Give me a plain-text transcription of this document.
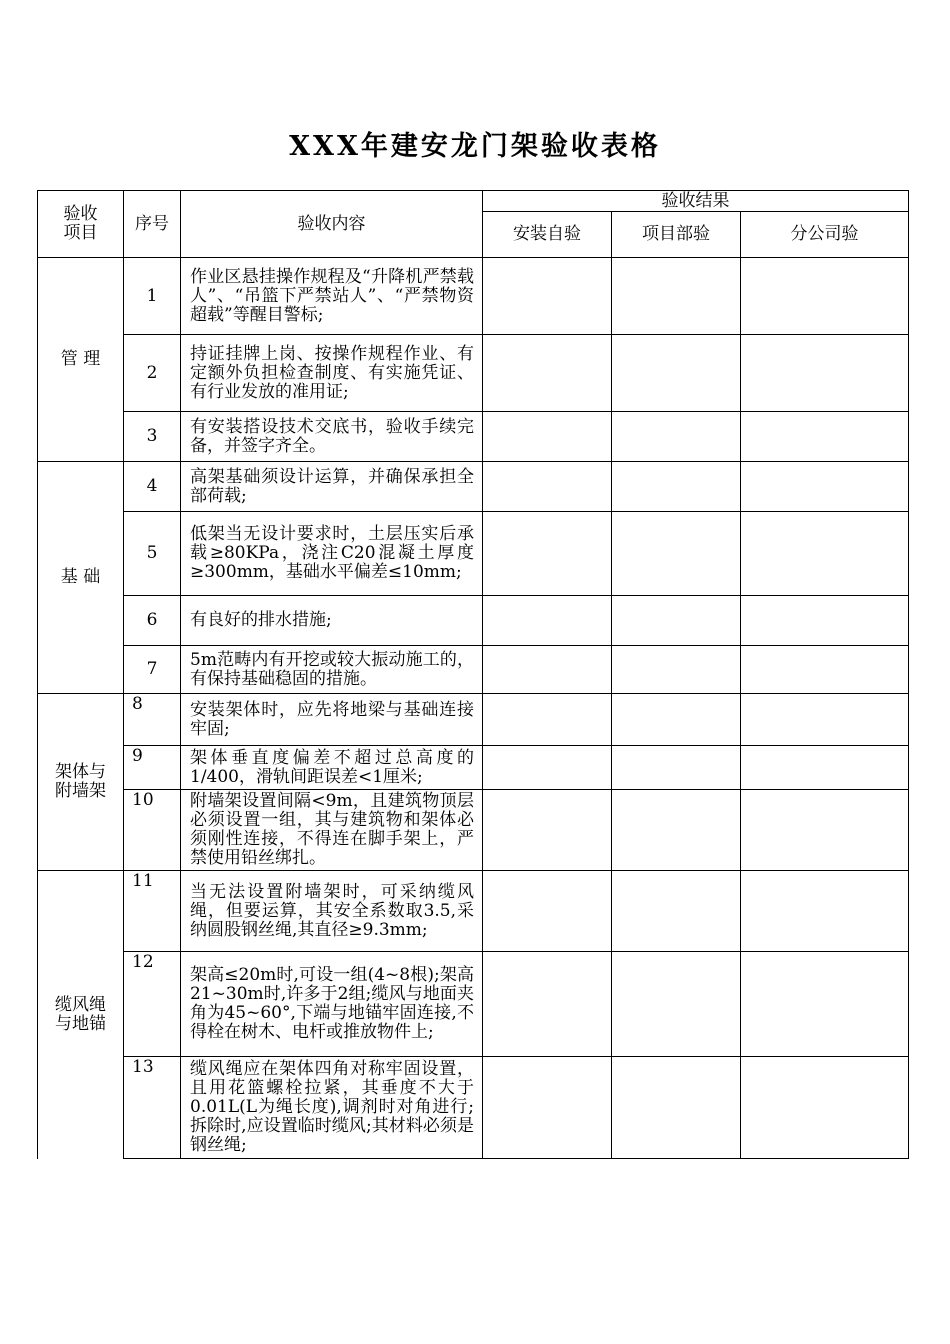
XXX年建安龙门架验收表格
验收
项目	序号	验收内容	验收结果		
			安装自验	项目部验	分公司验
管 理	1	作业区悬挂操作规程及“升降机严禁载人”、“吊篮下严禁站人”、“严禁物资超载”等醒目警标;			
	2	持证挂牌上岗、按操作规程作业、有定额外负担检查制度、有实施凭证、有行业发放的准用证;			
	3	有安装搭设技术交底书，验收手续完备，并签字齐全。			
基 础	4	高架基础须设计运算，并确保承担全部荷载;			
	5	低架当无设计要求时，土层压实后承载≥80KPa，浇注C20混凝土厚度≥300mm，基础水平偏差≤10mm;			
	6	有良好的排水措施;			
	7	5m范畴内有开挖或较大振动施工的，有保持基础稳固的措施。			
架体与
附墙架	8	安装架体时，应先将地梁与基础连接牢固;			
	9	架体垂直度偏差不超过总高度的1/400，滑轨间距误差<1厘米;			
	10	附墙架设置间隔<9m，且建筑物顶层必须设置一组，其与建筑物和架体必须刚性连接，不得连在脚手架上，严禁使用铅丝绑扎。			
缆风绳
与地锚	11	当无法设置附墙架时，可采纳缆风绳，但要运算，其安全系数取3.5,采纳圆股钢丝绳,其直径≥9.3mm;			
	12	架高≤20m时,可设一组(4~8根);架高21~30m时,许多于2组;缆风与地面夹角为45~60°,下端与地锚牢固连接,不得栓在树木、电杆或推放物件上;			
	13	缆风绳应在架体四角对称牢固设置，且用花篮螺栓拉紧，其垂度不大于0.01L(L为绳长度),调剂时对角进行;拆除时,应设置临时缆风;其材料必须是钢丝绳;			
